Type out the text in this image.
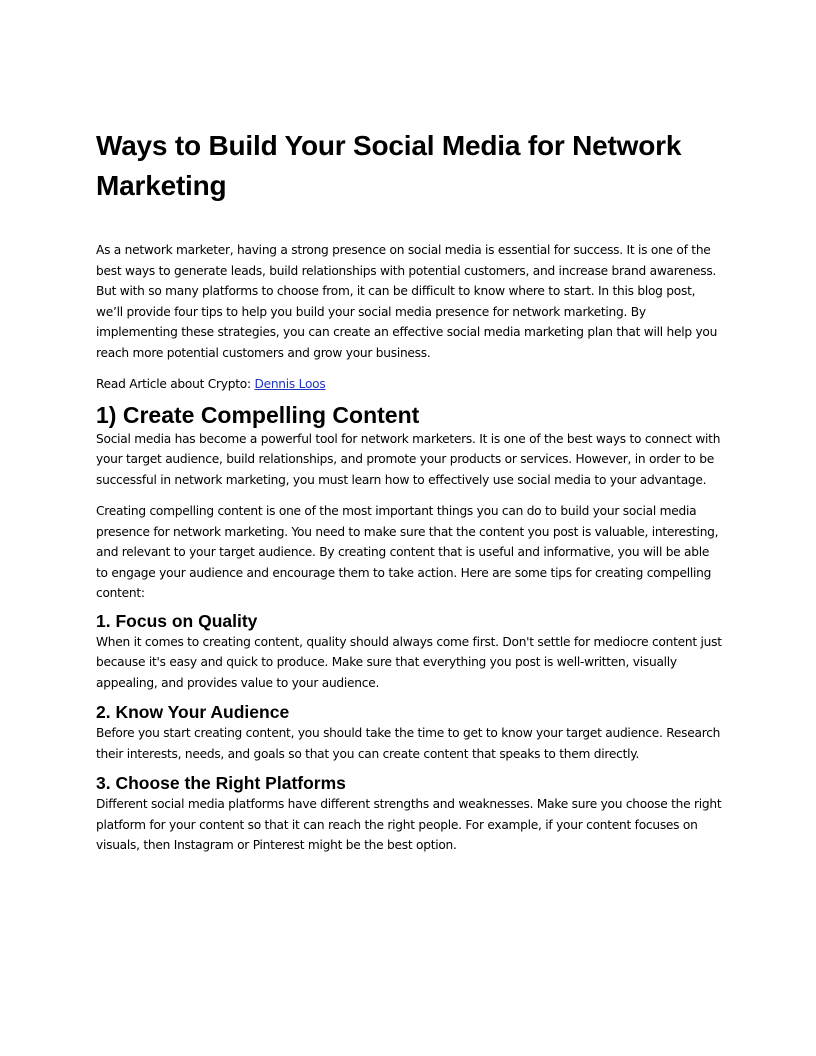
Ways to Build Your Social Media for Network Marketing

As a network marketer, having a strong presence on social media is essential for success. It is one of the best ways to generate leads, build relationships with potential customers, and increase brand awareness. But with so many platforms to choose from, it can be difficult to know where to start. In this blog post, we’ll provide four tips to help you build your social media presence for network marketing. By implementing these strategies, you can create an effective social media marketing plan that will help you reach more potential customers and grow your business.

Read Article about Crypto: Dennis Loos

1) Create Compelling Content

Social media has become a powerful tool for network marketers. It is one of the best ways to connect with your target audience, build relationships, and promote your products or services. However, in order to be successful in network marketing, you must learn how to effectively use social media to your advantage.

Creating compelling content is one of the most important things you can do to build your social media presence for network marketing. You need to make sure that the content you post is valuable, interesting, and relevant to your target audience. By creating content that is useful and informative, you will be able to engage your audience and encourage them to take action. Here are some tips for creating compelling content:

1. Focus on Quality

When it comes to creating content, quality should always come first. Don't settle for mediocre content just because it's easy and quick to produce. Make sure that everything you post is well-written, visually appealing, and provides value to your audience.

2. Know Your Audience

Before you start creating content, you should take the time to get to know your target audience. Research their interests, needs, and goals so that you can create content that speaks to them directly.

3. Choose the Right Platforms

Different social media platforms have different strengths and weaknesses. Make sure you choose the right platform for your content so that it can reach the right people. For example, if your content focuses on visuals, then Instagram or Pinterest might be the best option.
